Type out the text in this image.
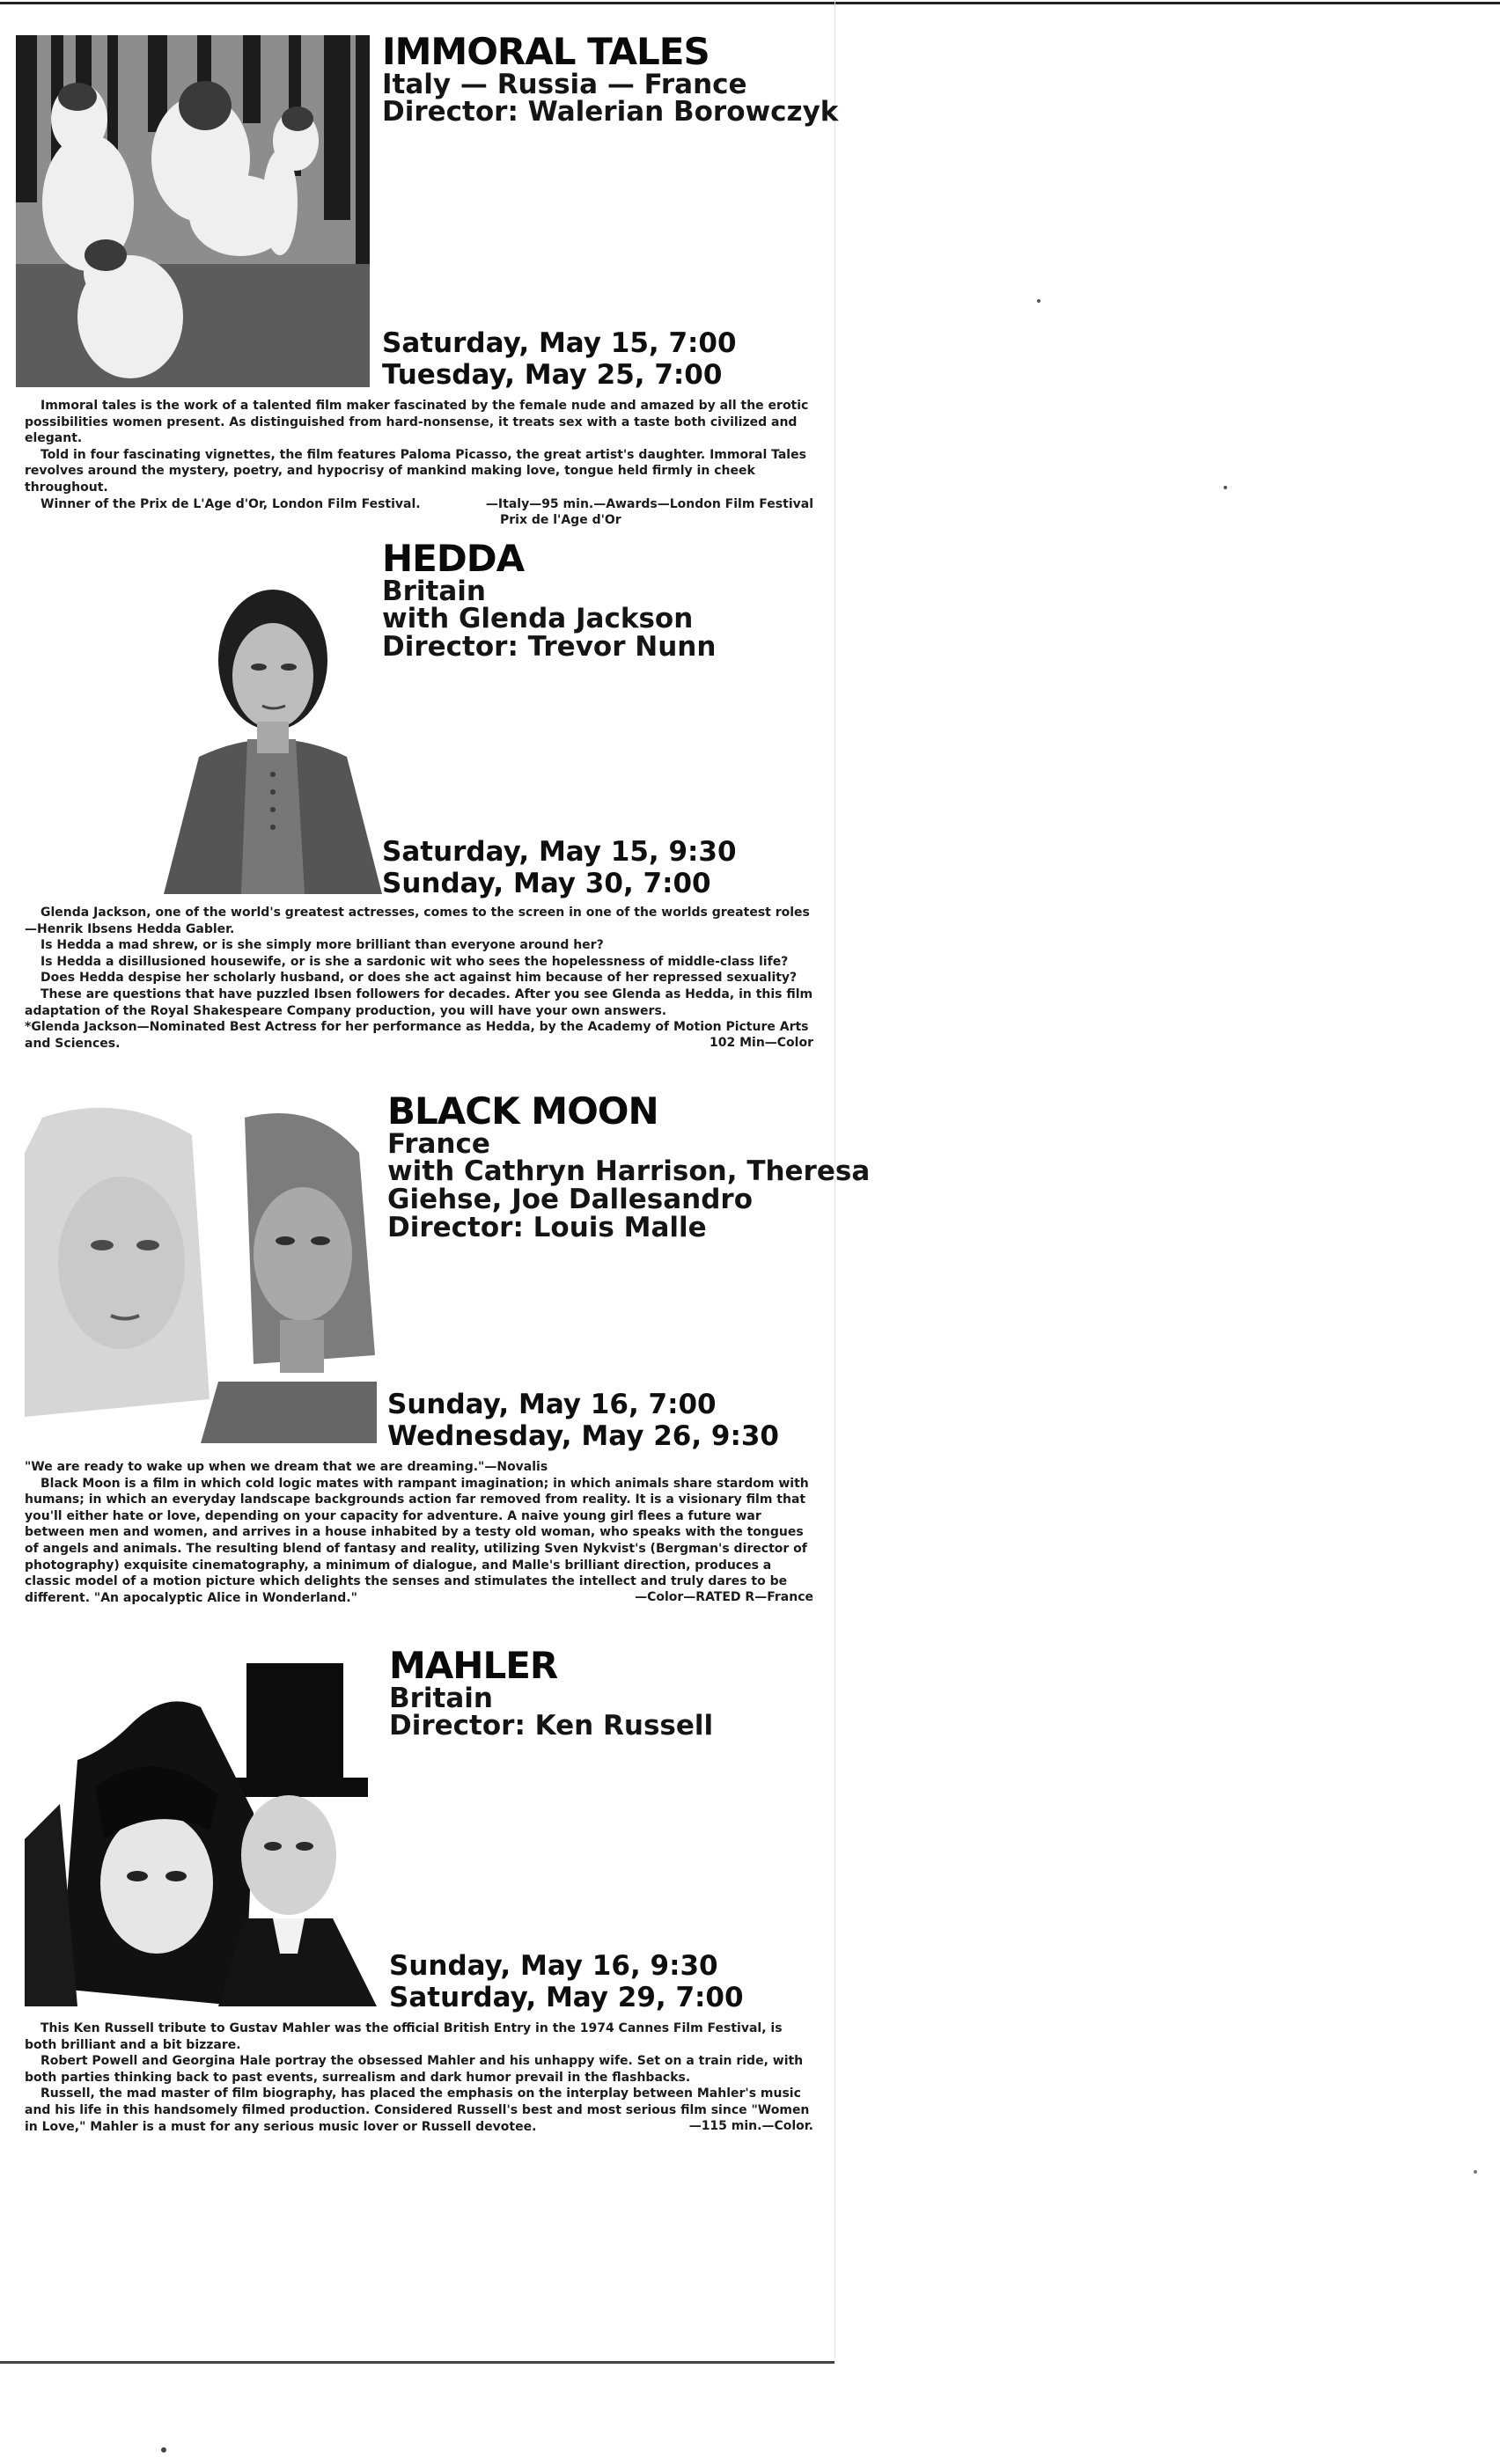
IMMORAL TALES
Italy — Russia — France
Director: Walerian Borowczyk
Saturday, May 15, 7:00
Tuesday, May 25, 7:00

Immoral tales is the work of a talented film maker fascinated by the female nude and amazed by all the erotic possibilities women present. As distinguished from hard-nonsense, it treats sex with a taste both civilized and elegant.

Told in four fascinating vignettes, the film features Paloma Picasso, the great artist's daughter. Immoral Tales revolves around the mystery, poetry, and hypocrisy of mankind making love, tongue held firmly in cheek throughout.

Winner of the Prix de L'Age d'Or, London Film Festival.	—Italy—95 min.—Awards—London Film Festival
Prix de l'Age d'Or
HEDDA
Britain
with Glenda Jackson
Director: Trevor Nunn
Saturday, May 15, 9:30
Sunday, May 30, 7:00

Glenda Jackson, one of the world's greatest actresses, comes to the screen in one of the worlds greatest roles—Henrik Ibsens Hedda Gabler.

Is Hedda a mad shrew, or is she simply more brilliant than everyone around her?

Is Hedda a disillusioned housewife, or is she a sardonic wit who sees the hopelessness of middle-class life?

Does Hedda despise her scholarly husband, or does she act against him because of her repressed sexuality?

These are questions that have puzzled Ibsen followers for decades. After you see Glenda as Hedda, in this film adaptation of the Royal Shakespeare Company production, you will have your own answers.

*Glenda Jackson—Nominated Best Actress for her performance as Hedda, by the Academy of Motion Picture Arts and Sciences.	102 Min—Color
BLACK MOON
France
with Cathryn Harrison, Theresa
Giehse, Joe Dallesandro
Director: Louis Malle
Sunday, May 16, 7:00
Wednesday, May 26, 9:30

"We are ready to wake up when we dream that we are dreaming."—Novalis

Black Moon is a film in which cold logic mates with rampant imagination; in which animals share stardom with humans; in which an everyday landscape backgrounds action far removed from reality. It is a visionary film that you'll either hate or love, depending on your capacity for adventure. A naive young girl flees a future war between men and women, and arrives in a house inhabited by a testy old woman, who speaks with the tongues of angels and animals. The resulting blend of fantasy and reality, utilizing Sven Nykvist's (Bergman's director of photography) exquisite cinematography, a minimum of dialogue, and Malle's brilliant direction, produces a classic model of a motion picture which delights the senses and stimulates the intellect and truly dares to be different. "An apocalyptic Alice in Wonderland."	—Color—RATED R—France
MAHLER
Britain
Director: Ken Russell
Sunday, May 16, 9:30
Saturday, May 29, 7:00

This Ken Russell tribute to Gustav Mahler was the official British Entry in the 1974 Cannes Film Festival, is both brilliant and a bit bizzare.

Robert Powell and Georgina Hale portray the obsessed Mahler and his unhappy wife. Set on a train ride, with both parties thinking back to past events, surrealism and dark humor prevail in the flashbacks.

Russell, the mad master of film biography, has placed the emphasis on the interplay between Mahler's music and his life in this handsomely filmed production. Considered Russell's best and most serious film since "Women in Love," Mahler is a must for any serious music lover or Russell devotee.	—115 min.—Color.
